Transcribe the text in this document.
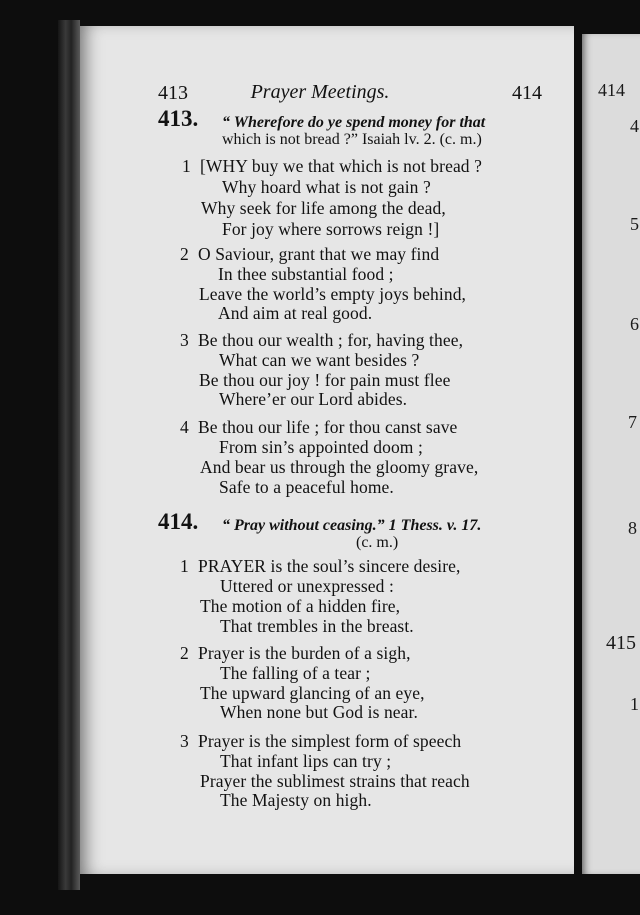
413	Prayer Meetings.	414
413. “ Wherefore do ye spend money for that
which is not bread ?” Isaiah lv. 2. (c. m.)
1 [WHY buy we that which is not bread ?
Why hoard what is not gain ?
Why seek for life among the dead,
For joy where sorrows reign !]
2 O Saviour, grant that we may find
In thee substantial food ;
Leave the world’s empty joys behind,
And aim at real good.
3 Be thou our wealth ; for, having thee,
What can we want besides ?
Be thou our joy ! for pain must flee
Where’er our Lord abides.
4 Be thou our life ; for thou canst save
From sin’s appointed doom ;
And bear us through the gloomy grave,
Safe to a peaceful home.
414. “ Pray without ceasing.” 1 Thess. v. 17.
(c. m.)
1 PRAYER is the soul’s sincere desire,
Uttered or unexpressed :
The motion of a hidden fire,
That trembles in the breast.
2 Prayer is the burden of a sigh,
The falling of a tear ;
The upward glancing of an eye,
When none but God is near.
3 Prayer is the simplest form of speech
That infant lips can try ;
Prayer the sublimest strains that reach
The Majesty on high.
414
4
5
6
7
8
415
1
